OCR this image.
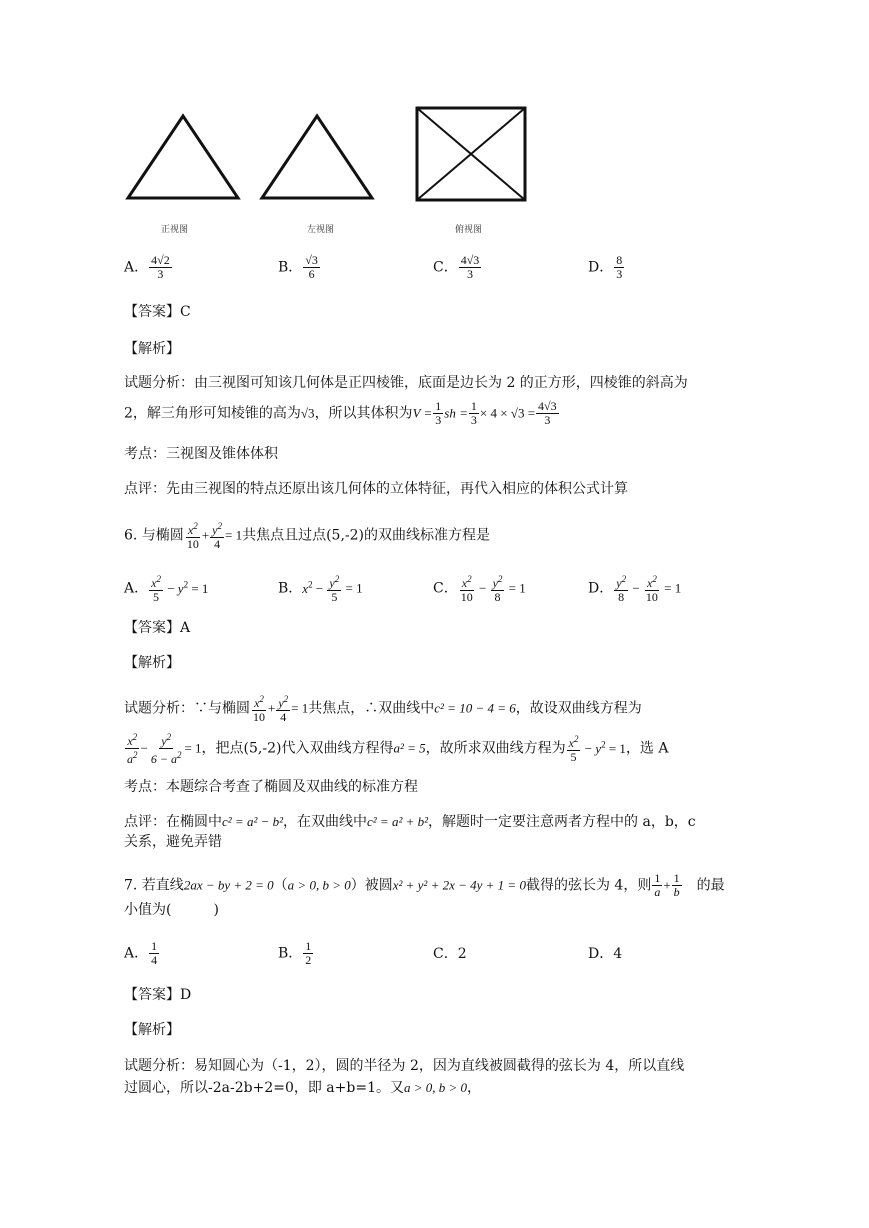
正视图	左视图	俯视图
A． $\frac{4√2}{3}$	B． $\frac{√3}{6}$	C． $\frac{4√3}{3}$	D． $\frac{8}{3}$
【答案】C
【解析】
试题分析：由三视图可知该几何体是正四棱锥，底面是边长为 2 的正方形，四棱锥的斜高为
2，解三角形可知棱锥的高为√3，所以其体积为$V = \frac{1}{3}$ sh = $\frac{1}{3} \times 4 \times √3 = \frac{4√3}{3}$
考点：三视图及锥体体积
点评：先由三视图的特点还原出该几何体的立体特征，再代入相应的体积公式计算
6. 与椭圆 $\frac{x^2}{10} + \frac{y^2}{4} = 1$共焦点且过点(5,-2)的双曲线标准方程是
A． $\frac{x^2}{5} - y^2 = 1$	B．$x^2 - \frac{y^2}{5} = 1$	C． $\frac{x^2}{10} - \frac{y^2}{8} = 1$	D． $\frac{y^2}{8} - \frac{x^2}{10} = 1$
【答案】A
【解析】
试题分析：∵与椭圆 $\frac{x^2}{10} + \frac{y^2}{4} = 1$共焦点，∴双曲线中c² = 10 − 4 = 6，故设双曲线方程为
$\frac{x^2}{a^2} - \frac{y^2}{6 - a^2} = 1$，把点(5,-2)代入双曲线方程得a² = 5，故所求双曲线方程为 $\frac{x^2}{5} - y^2 = 1$，选 A
考点：本题综合考查了椭圆及双曲线的标准方程
点评：在椭圆中c² = a² − b²，在双曲线中c² = a² + b²，解题时一定要注意两者方程中的 a，b，c
关系，避免弄错
7. 若直线2ax − by + 2 = 0（a > 0, b > 0）被圆x² + y² + 2x − 4y + 1 = 0截得的弦长为 4，则 $\frac{1}{a} + \frac{1}{b}$ 的最
小值为(　　　)
A． $\frac{1}{4}$	B． $\frac{1}{2}$	C．2	D．4
【答案】D
【解析】
试题分析：易知圆心为（-1，2），圆的半径为 2，因为直线被圆截得的弦长为 4，所以直线
过圆心，所以-2a-2b+2=0，即 a+b=1。又a > 0, b > 0，
